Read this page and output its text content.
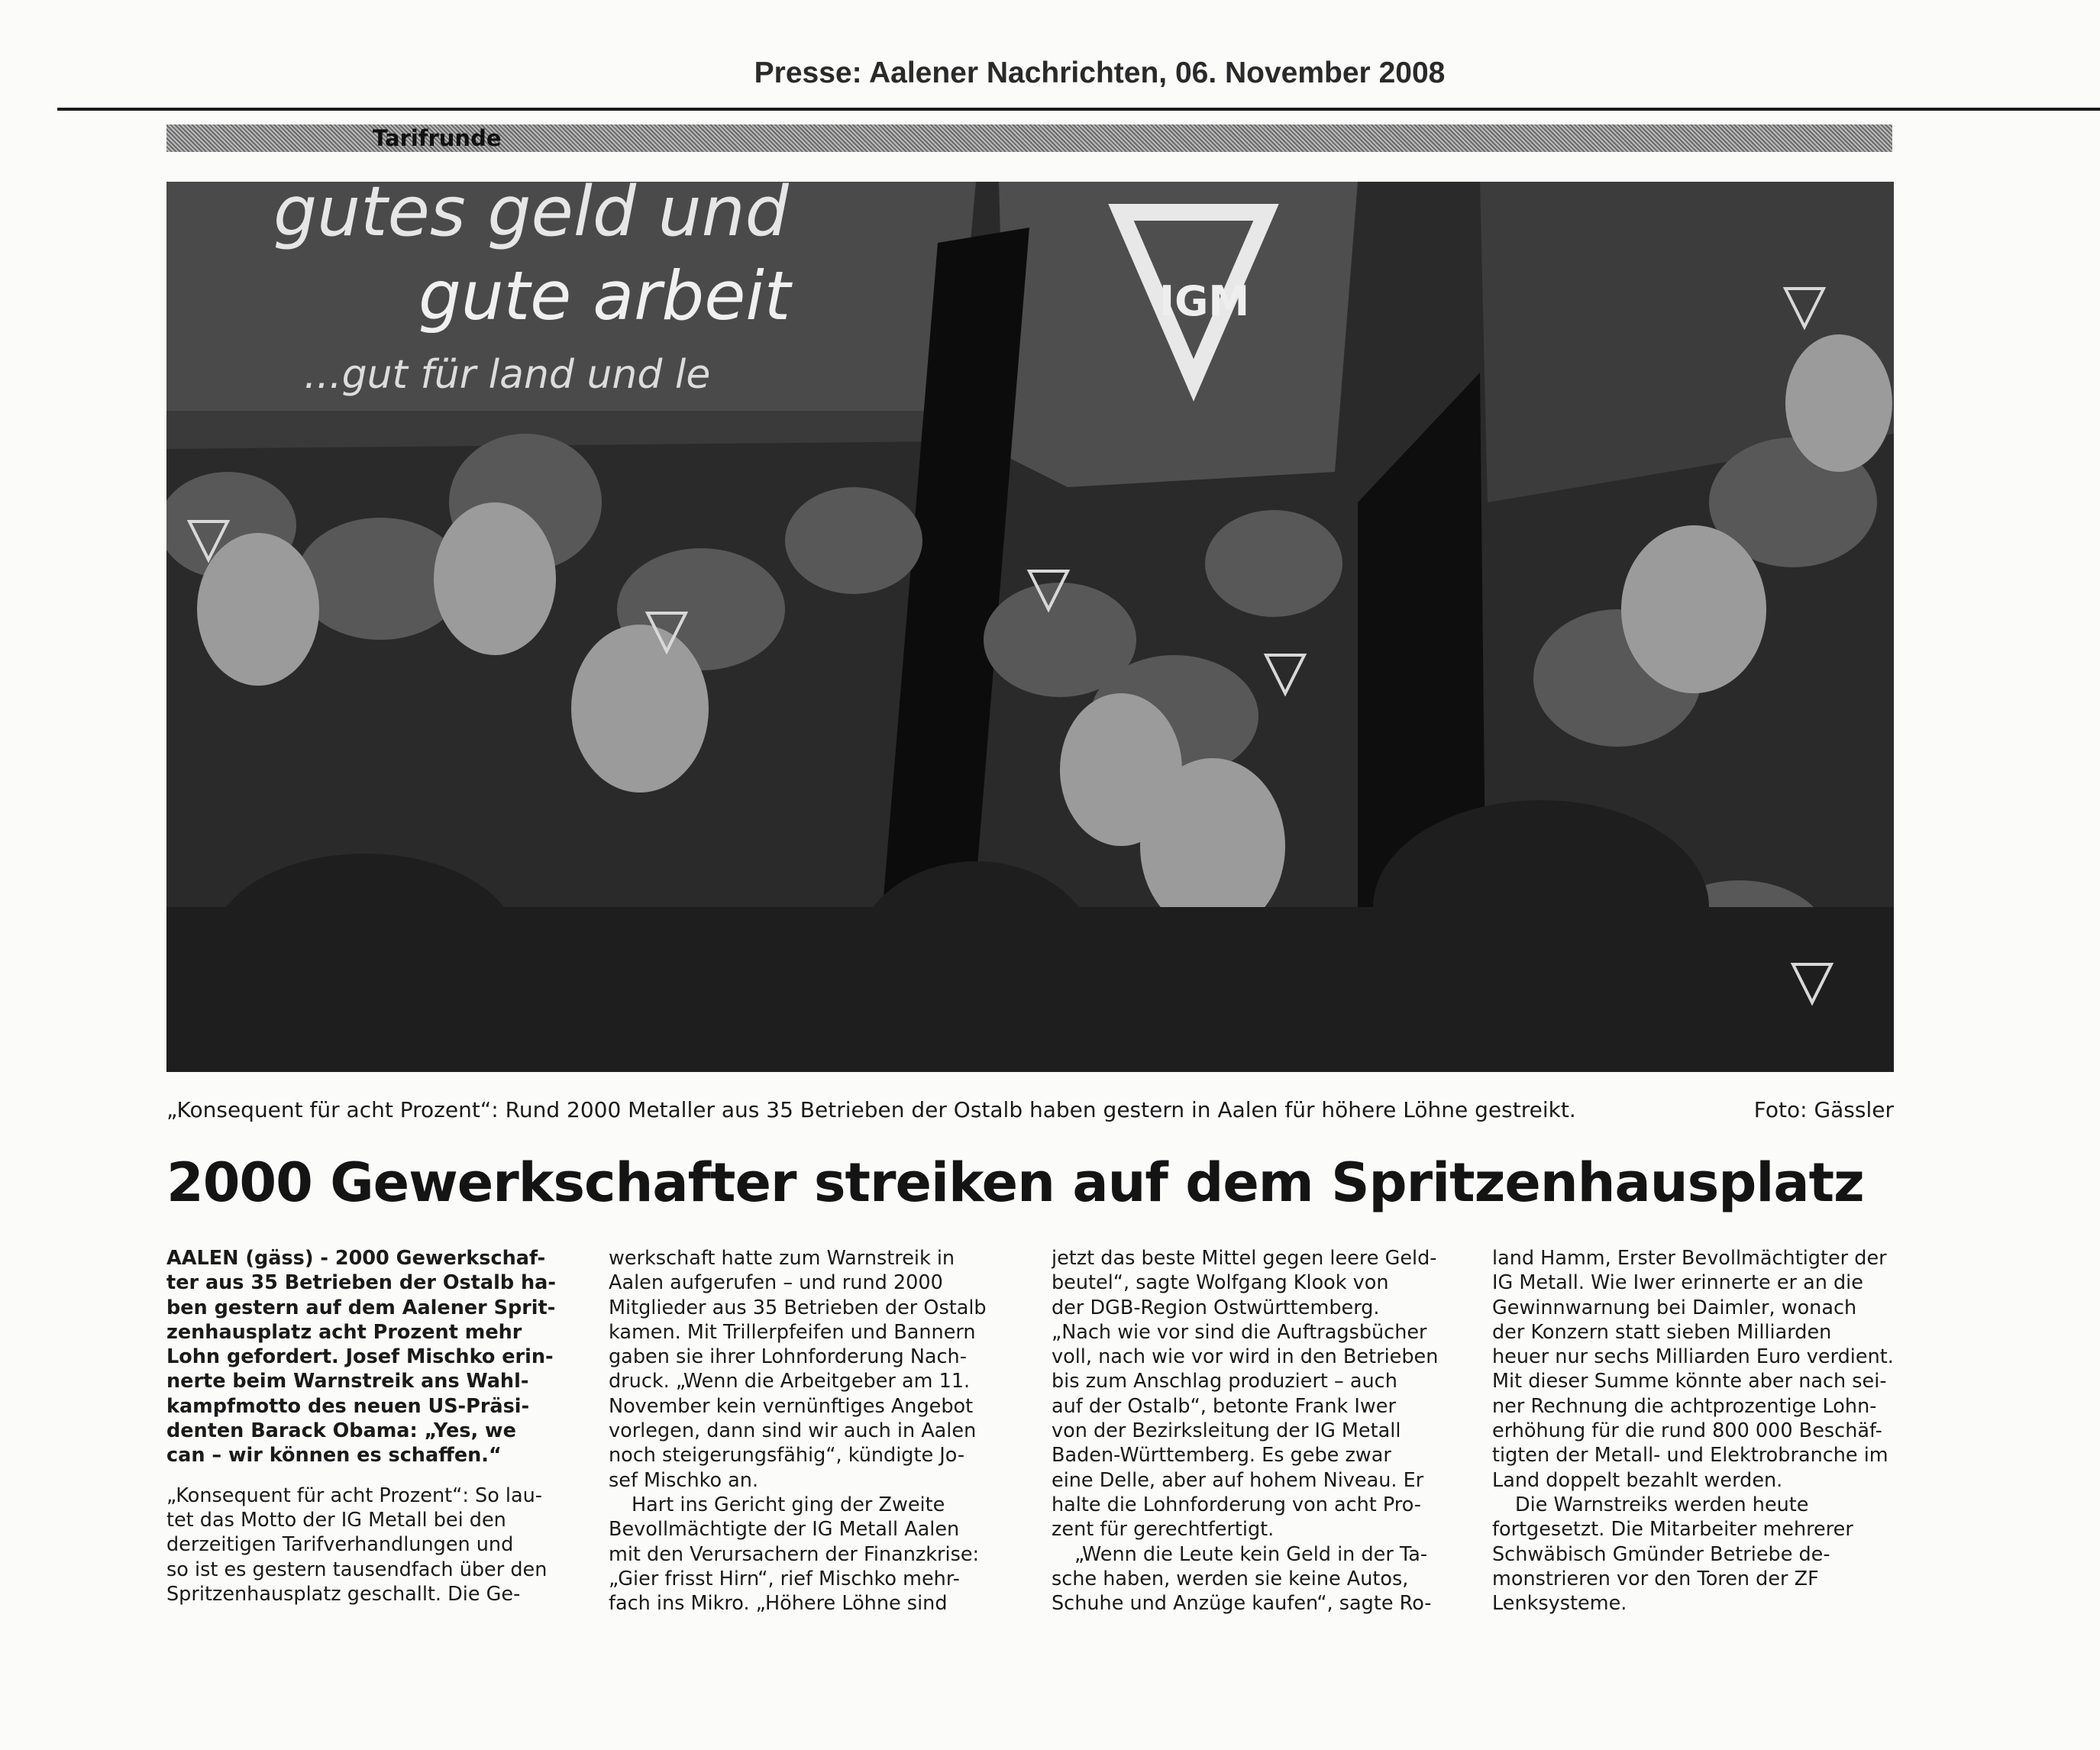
Presse: Aalener Nachrichten, 06. November 2008
Tarifrunde
gutes geld und
gute arbeit
...gut für land und le
IGM
„Konsequent für acht Prozent“: Rund 2000 Metaller aus 35 Betrieben der Ostalb haben gestern in Aalen für höhere Löhne gestreikt.	Foto: Gässler
2000 Gewerkschafter streiken auf dem Spritzenhausplatz
AALEN (gäss) - 2000 Gewerkschaf-
ter aus 35 Betrieben der Ostalb ha-
ben gestern auf dem Aalener Sprit-
zenhausplatz acht Prozent mehr
Lohn gefordert. Josef Mischko erin-
nerte beim Warnstreik ans Wahl-
kampfmotto des neuen US-Präsi-
denten Barack Obama: „Yes, we
can – wir können es schaffen.“
„Konsequent für acht Prozent“: So lau-
tet das Motto der IG Metall bei den
derzeitigen Tarifverhandlungen und
so ist es gestern tausendfach über den
Spritzenhausplatz geschallt. Die Ge-
werkschaft hatte zum Warnstreik in
Aalen aufgerufen – und rund 2000
Mitglieder aus 35 Betrieben der Ostalb
kamen. Mit Trillerpfeifen und Bannern
gaben sie ihrer Lohnforderung Nach-
druck. „Wenn die Arbeitgeber am 11.
November kein vernünftiges Angebot
vorlegen, dann sind wir auch in Aalen
noch steigerungsfähig“, kündigte Jo-
sef Mischko an.
Hart ins Gericht ging der Zweite
Bevollmächtigte der IG Metall Aalen
mit den Verursachern der Finanzkrise:
„Gier frisst Hirn“, rief Mischko mehr-
fach ins Mikro. „Höhere Löhne sind
jetzt das beste Mittel gegen leere Geld-
beutel“, sagte Wolfgang Klook von
der DGB-Region Ostwürttemberg.
„Nach wie vor sind die Auftragsbücher
voll, nach wie vor wird in den Betrieben
bis zum Anschlag produziert – auch
auf der Ostalb“, betonte Frank Iwer
von der Bezirksleitung der IG Metall
Baden-Württemberg. Es gebe zwar
eine Delle, aber auf hohem Niveau. Er
halte die Lohnforderung von acht Pro-
zent für gerechtfertigt.
„Wenn die Leute kein Geld in der Ta-
sche haben, werden sie keine Autos,
Schuhe und Anzüge kaufen“, sagte Ro-
land Hamm, Erster Bevollmächtigter der
IG Metall. Wie Iwer erinnerte er an die
Gewinnwarnung bei Daimler, wonach
der Konzern statt sieben Milliarden
heuer nur sechs Milliarden Euro verdient.
Mit dieser Summe könnte aber nach sei-
ner Rechnung die achtprozentige Lohn-
erhöhung für die rund 800 000 Beschäf-
tigten der Metall- und Elektrobranche im
Land doppelt bezahlt werden.
Die Warnstreiks werden heute
fortgesetzt. Die Mitarbeiter mehrerer
Schwäbisch Gmünder Betriebe de-
monstrieren vor den Toren der ZF
Lenksysteme.
